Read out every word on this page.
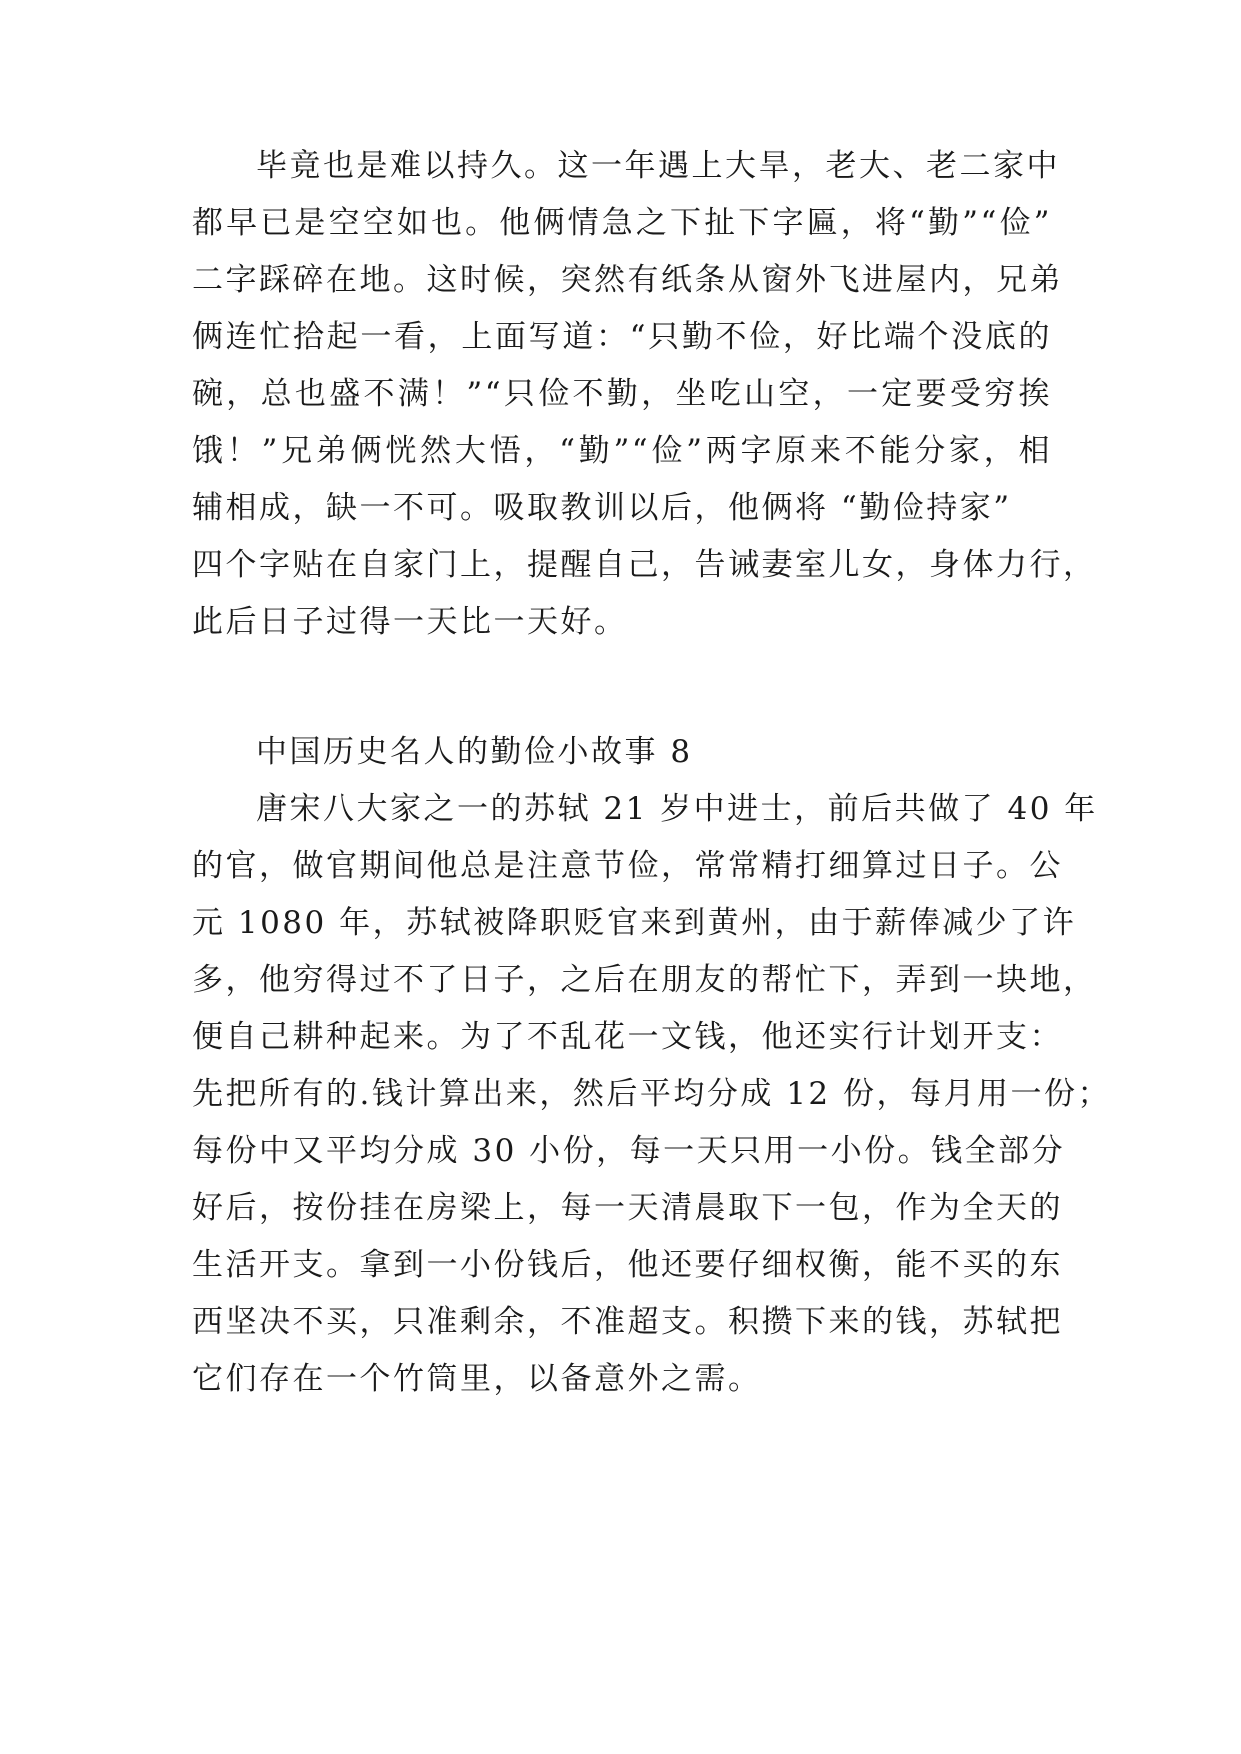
毕竟也是难以持久。这一年遇上大旱，老大、老二家中
都早已是空空如也。他俩情急之下扯下字匾，将“勤”“俭”
二字踩碎在地。这时候，突然有纸条从窗外飞进屋内，兄弟
俩连忙拾起一看，上面写道：“只勤不俭，好比端个没底的
碗，总也盛不满！”“只俭不勤，坐吃山空，一定要受穷挨
饿！”兄弟俩恍然大悟，“勤”“俭”两字原来不能分家，相
辅相成，缺一不可。吸取教训以后，他俩将 “勤俭持家”
四个字贴在自家门上，提醒自己，告诫妻室儿女，身体力行，
此后日子过得一天比一天好。
中国历史名人的勤俭小故事 8
唐宋八大家之一的苏轼 21 岁中进士，前后共做了 40 年
的官，做官期间他总是注意节俭，常常精打细算过日子。公
元 1080 年，苏轼被降职贬官来到黄州，由于薪俸减少了许
多，他穷得过不了日子，之后在朋友的帮忙下，弄到一块地，
便自己耕种起来。为了不乱花一文钱，他还实行计划开支：
先把所有的.钱计算出来，然后平均分成 12 份，每月用一份；
每份中又平均分成 30 小份，每一天只用一小份。钱全部分
好后，按份挂在房梁上，每一天清晨取下一包，作为全天的
生活开支。拿到一小份钱后，他还要仔细权衡，能不买的东
西坚决不买，只准剩余，不准超支。积攒下来的钱，苏轼把
它们存在一个竹筒里，以备意外之需。
